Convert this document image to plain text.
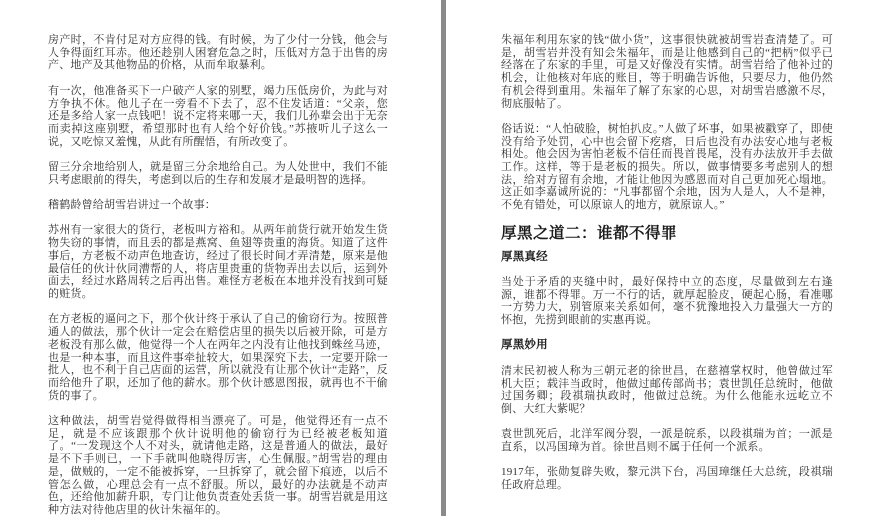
房产时，不肯付足对方应得的钱。有时候，为了少付一分钱，他会与人争得面红耳赤。他还趁别人困窘危急之时，压低对方急于出售的房产、地产及其他物品的价格，从而牟取暴利。

有一次，他准备买下一户破产人家的别墅，竭力压低房价，为此与对方争执不休。他儿子在一旁看不下去了，忍不住发话道：“父亲，您还是多给人家一点钱吧！说不定将来哪一天，我们儿孙辈会出于无奈而卖掉这座别墅，希望那时也有人给个好价钱。”苏掖听儿子这么一说，又吃惊又羞愧，从此有所醒悟，有所改变了。

留三分余地给别人，就是留三分余地给自己。为人处世中，我们不能只考虑眼前的得失，考虑到以后的生存和发展才是最明智的选择。

稽鹤龄曾给胡雪岩讲过一个故事：

苏州有一家很大的货行，老板叫方裕和。从两年前货行就开始发生货物失窃的事情，而且丢的都是燕窝、鱼翅等贵重的海货。知道了这件事后，方老板不动声色地查访，经过了很长时间才弄清楚，原来是他最信任的伙计伙同漕帮的人，将店里贵重的货物弄出去以后，运到外面去，经过水路周转之后再出售。难怪方老板在本地并没有找到可疑的赃货。

在方老板的逼问之下，那个伙计终于承认了自己的偷窃行为。按照普通人的做法，那个伙计一定会在赔偿店里的损失以后被开除，可是方老板没有那么做，他觉得一个人在两年之内没有让他找到蛛丝马迹，也是一种本事，而且这件事牵扯较大，如果深究下去，一定要开除一批人，也不利于自己店面的运营，所以就没有让那个伙计“走路”，反而给他升了职，还加了他的薪水。那个伙计感恩图报，就再也不干偷货的事了。

这种做法，胡雪岩觉得做得相当漂亮了。可是，他觉得还有一点不足，就是不应该跟那个伙计说明他的偷窃行为已经被老板知道了。“一发现这个人不对头，就请他走路，这是普通人的做法，最好是不下手则已，一下手就叫他晓得厉害，心生佩服。”胡雪岩的理由是，做贼的，一定不能被拆穿，一旦拆穿了，就会留下痕迹，以后不管怎么做，心理总会有一点不舒服。所以，最好的办法就是不动声色，还给他加薪升职，专门让他负责查处丢货一事。胡雪岩就是用这种方法对待他店里的伙计朱福年的。

朱福年利用东家的钱“做小货”，这事很快就被胡雪岩查清楚了。可是，胡雪岩并没有知会朱福年，而是让他感到自己的“把柄”似乎已经落在了东家的手里，可是又好像没有实情。胡雪岩给了他补过的机会，让他核对年底的账目，等于明确告诉他，只要尽力，他仍然有机会得到重用。朱福年了解了东家的心思，对胡雪岩感激不尽，彻底服帖了。

俗话说：“人怕破脸，树怕扒皮。”人做了坏事，如果被戳穿了，即使没有给予处罚，心中也会留下疙瘩，日后也没有办法安心地与老板相处。他会因为害怕老板不信任而畏首畏尾，没有办法放开手去做工作。这样，等于是老板的损失。所以，做事情要多考虑别人的想法，给对方留有余地，才能让他因为感恩而对自己更加死心塌地。这正如李嘉诚所说的：“凡事都留个余地，因为人是人，人不是神，不免有错处，可以原谅人的地方，就原谅人。”

厚黑之道二：谁都不得罪
厚黑真经

当处于矛盾的夹缝中时，最好保持中立的态度，尽量做到左右逢源，谁都不得罪。万一不行的话，就厚起脸皮，硬起心肠，看准哪一方势力大，别管原来关系如何，毫不犹豫地投入力量强大一方的怀抱，先捞到眼前的实惠再说。

厚黑妙用

清末民初被人称为三朝元老的徐世昌，在慈禧掌权时，他曾做过军机大臣；载沣当政时，他做过邮传部尚书；袁世凯任总统时，他做过国务卿；段祺瑞执政时，他做过总统。为什么他能永远屹立不倒、大红大紫呢？

袁世凯死后，北洋军阀分裂，一派是皖系，以段祺瑞为首；一派是直系，以冯国璋为首。徐世昌则不属于任何一个派系。

1917年，张勋复辟失败，黎元洪下台，冯国璋继任大总统，段祺瑞任政府总理。
